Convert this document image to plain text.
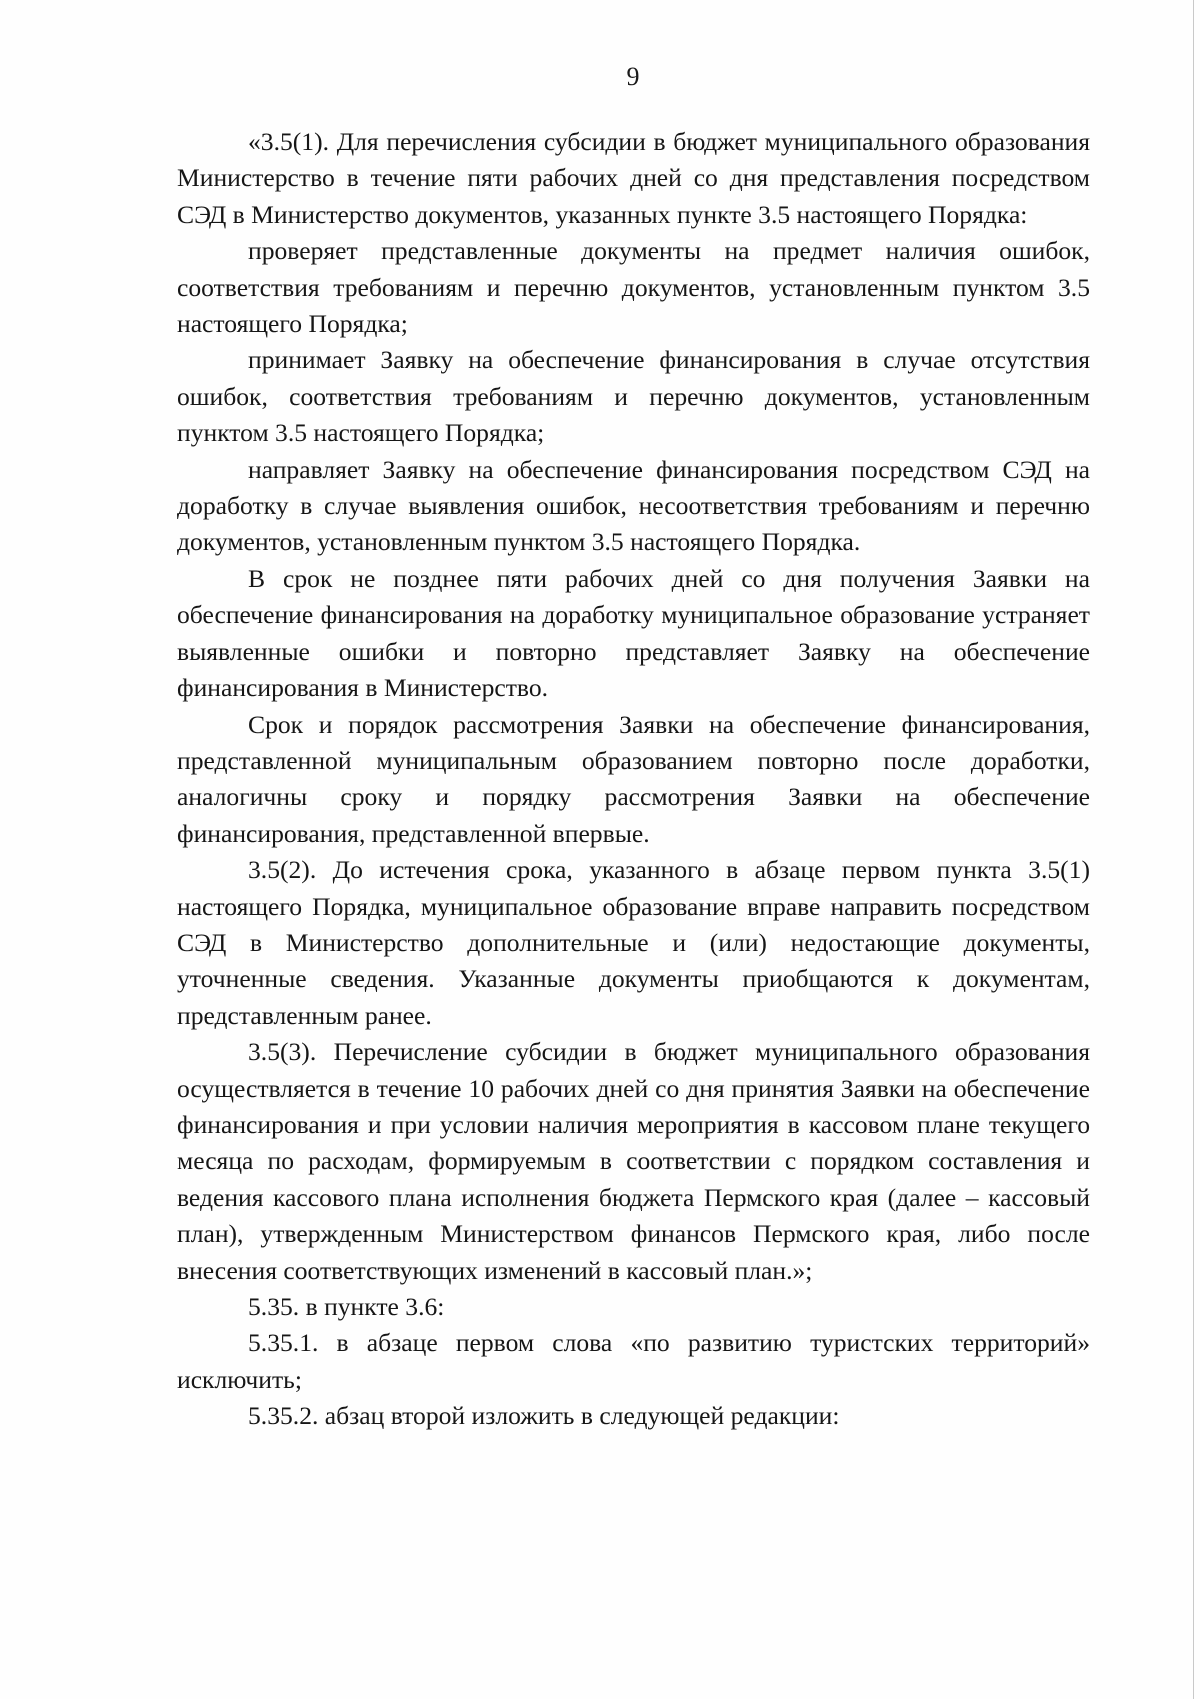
9

«3.5(1). Для перечисления субсидии в бюджет муниципального образования Министерство в течение пяти рабочих дней со дня представления посредством СЭД в Министерство документов, указанных пункте 3.5 настоящего Порядка:

проверяет представленные документы на предмет наличия ошибок, соответствия требованиям и перечню документов, установленным пунктом 3.5 настоящего Порядка;

принимает Заявку на обеспечение финансирования в случае отсутствия ошибок, соответствия требованиям и перечню документов, установленным пунктом 3.5 настоящего Порядка;

направляет Заявку на обеспечение финансирования посредством СЭД на доработку в случае выявления ошибок, несоответствия требованиям и перечню документов, установленным пунктом 3.5 настоящего Порядка.

В срок не позднее пяти рабочих дней со дня получения Заявки на обеспечение финансирования на доработку муниципальное образование устраняет выявленные ошибки и повторно представляет Заявку на обеспечение финансирования в Министерство.

Срок и порядок рассмотрения Заявки на обеспечение финансирования, представленной муниципальным образованием повторно после доработки, аналогичны сроку и порядку рассмотрения Заявки на обеспечение финансирования, представленной впервые.

3.5(2). До истечения срока, указанного в абзаце первом пункта 3.5(1) настоящего Порядка, муниципальное образование вправе направить посредством СЭД в Министерство дополнительные и (или) недостающие документы, уточненные сведения. Указанные документы приобщаются к документам, представленным ранее.

3.5(3). Перечисление субсидии в бюджет муниципального образования осуществляется в течение 10 рабочих дней со дня принятия Заявки на обеспечение финансирования и при условии наличия мероприятия в кассовом плане текущего месяца по расходам, формируемым в соответствии с порядком составления и ведения кассового плана исполнения бюджета Пермского края (далее – кассовый план), утвержденным Министерством финансов Пермского края, либо после внесения соответствующих изменений в кассовый план.»;

5.35. в пункте 3.6:

5.35.1. в абзаце первом слова «по развитию туристских территорий» исключить;

5.35.2. абзац второй изложить в следующей редакции:
